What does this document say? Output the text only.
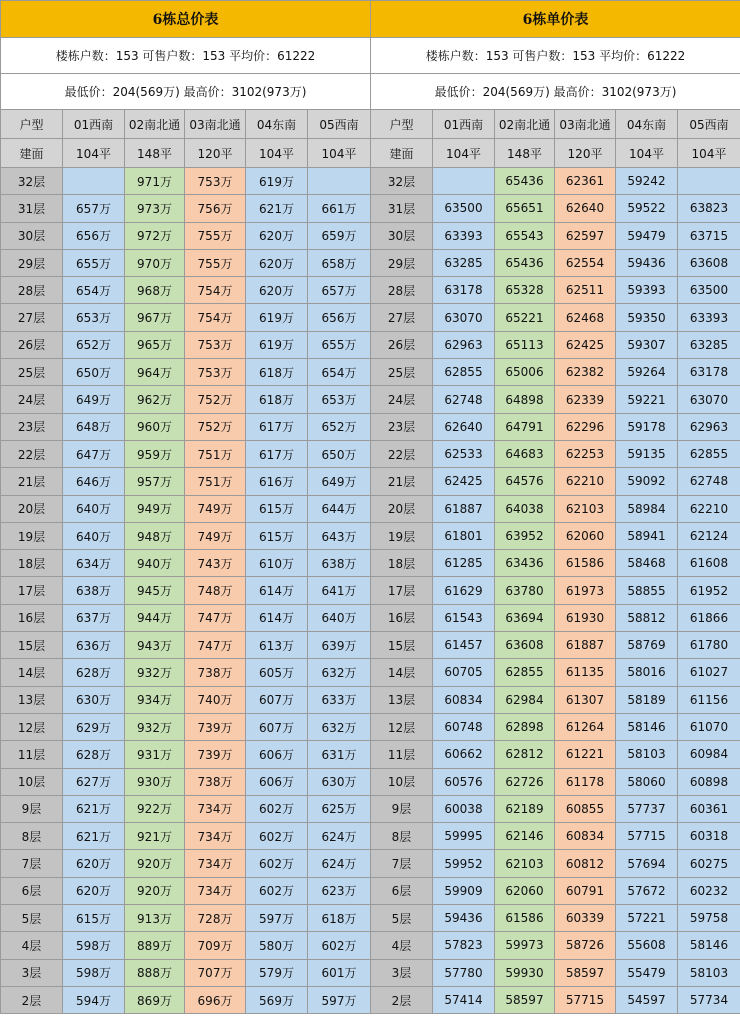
6栋总价表					
楼栋户数：153 可售户数：153 平均价：61222					
最低价：204(569万) 最高价：3102(973万)					
户型	01西南	02南北通	03南北通	04东南	05西南
建面	104平	148平	120平	104平	104平
32层		971万	753万	619万	
31层	657万	973万	756万	621万	661万
30层	656万	972万	755万	620万	659万
29层	655万	970万	755万	620万	658万
28层	654万	968万	754万	620万	657万
27层	653万	967万	754万	619万	656万
26层	652万	965万	753万	619万	655万
25层	650万	964万	753万	618万	654万
24层	649万	962万	752万	618万	653万
23层	648万	960万	752万	617万	652万
22层	647万	959万	751万	617万	650万
21层	646万	957万	751万	616万	649万
20层	640万	949万	749万	615万	644万
19层	640万	948万	749万	615万	643万
18层	634万	940万	743万	610万	638万
17层	638万	945万	748万	614万	641万
16层	637万	944万	747万	614万	640万
15层	636万	943万	747万	613万	639万
14层	628万	932万	738万	605万	632万
13层	630万	934万	740万	607万	633万
12层	629万	932万	739万	607万	632万
11层	628万	931万	739万	606万	631万
10层	627万	930万	738万	606万	630万
9层	621万	922万	734万	602万	625万
8层	621万	921万	734万	602万	624万
7层	620万	920万	734万	602万	624万
6层	620万	920万	734万	602万	623万
5层	615万	913万	728万	597万	618万
4层	598万	889万	709万	580万	602万
3层	598万	888万	707万	579万	601万
2层	594万	869万	696万	569万	597万
6栋单价表					
楼栋户数：153 可售户数：153 平均价：61222					
最低价：204(569万) 最高价：3102(973万)					
户型	01西南	02南北通	03南北通	04东南	05西南
建面	104平	148平	120平	104平	104平
32层		65436	62361	59242	
31层	63500	65651	62640	59522	63823
30层	63393	65543	62597	59479	63715
29层	63285	65436	62554	59436	63608
28层	63178	65328	62511	59393	63500
27层	63070	65221	62468	59350	63393
26层	62963	65113	62425	59307	63285
25层	62855	65006	62382	59264	63178
24层	62748	64898	62339	59221	63070
23层	62640	64791	62296	59178	62963
22层	62533	64683	62253	59135	62855
21层	62425	64576	62210	59092	62748
20层	61887	64038	62103	58984	62210
19层	61801	63952	62060	58941	62124
18层	61285	63436	61586	58468	61608
17层	61629	63780	61973	58855	61952
16层	61543	63694	61930	58812	61866
15层	61457	63608	61887	58769	61780
14层	60705	62855	61135	58016	61027
13层	60834	62984	61307	58189	61156
12层	60748	62898	61264	58146	61070
11层	60662	62812	61221	58103	60984
10层	60576	62726	61178	58060	60898
9层	60038	62189	60855	57737	60361
8层	59995	62146	60834	57715	60318
7层	59952	62103	60812	57694	60275
6层	59909	62060	60791	57672	60232
5层	59436	61586	60339	57221	59758
4层	57823	59973	58726	55608	58146
3层	57780	59930	58597	55479	58103
2层	57414	58597	57715	54597	57734
